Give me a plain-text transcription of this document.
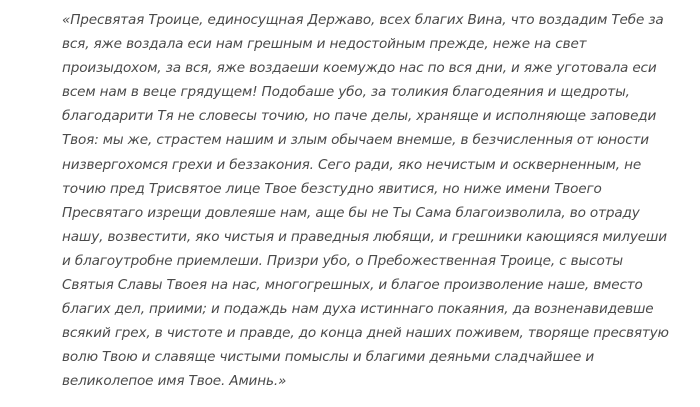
«Пресвятая Троице, единосущная Державо, всех благих Вина, что воздадим Тебе за
вся, яже воздала еси нам грешным и недостойным прежде, неже на свет
произыдохом, за вся, яже воздаеши коемуждо нас по вся дни, и яже уготовала еси
всем нам в веце грядущем! Подобаше убо, за толикия благодеяния и щедроты,
благодарити Тя не словесы точию, но паче делы, храняще и исполняюще заповеди
Твоя: мы же, страстем нашим и злым обычаем внемше, в безчисленныя от юности
низвергохомся грехи и беззакония. Сего ради, яко нечистым и оскверненным, не
точию пред Трисвятое лице Твое безстудно явитися, но ниже имени Твоего
Пресвятаго изрещи довлеяше нам, аще бы не Ты Сама благоизволила, во отраду
нашу, возвестити, яко чистыя и праведныя любящи, и грешники кающияся милуеши
и благоутробне приемлеши. Призри убо, о Пребожественная Троице, с высоты
Святыя Славы Твоея на нас, многогрешных, и благое произволение наше, вместо
благих дел, приими; и подаждь нам духа истиннаго покаяния, да возненавидевше
всякий грех, в чистоте и правде, до конца дней наших поживем, творяще пресвятую
волю Твою и славяще чистыми помыслы и благими деяньми сладчайшее и
великолепое имя Твое. Аминь.»
